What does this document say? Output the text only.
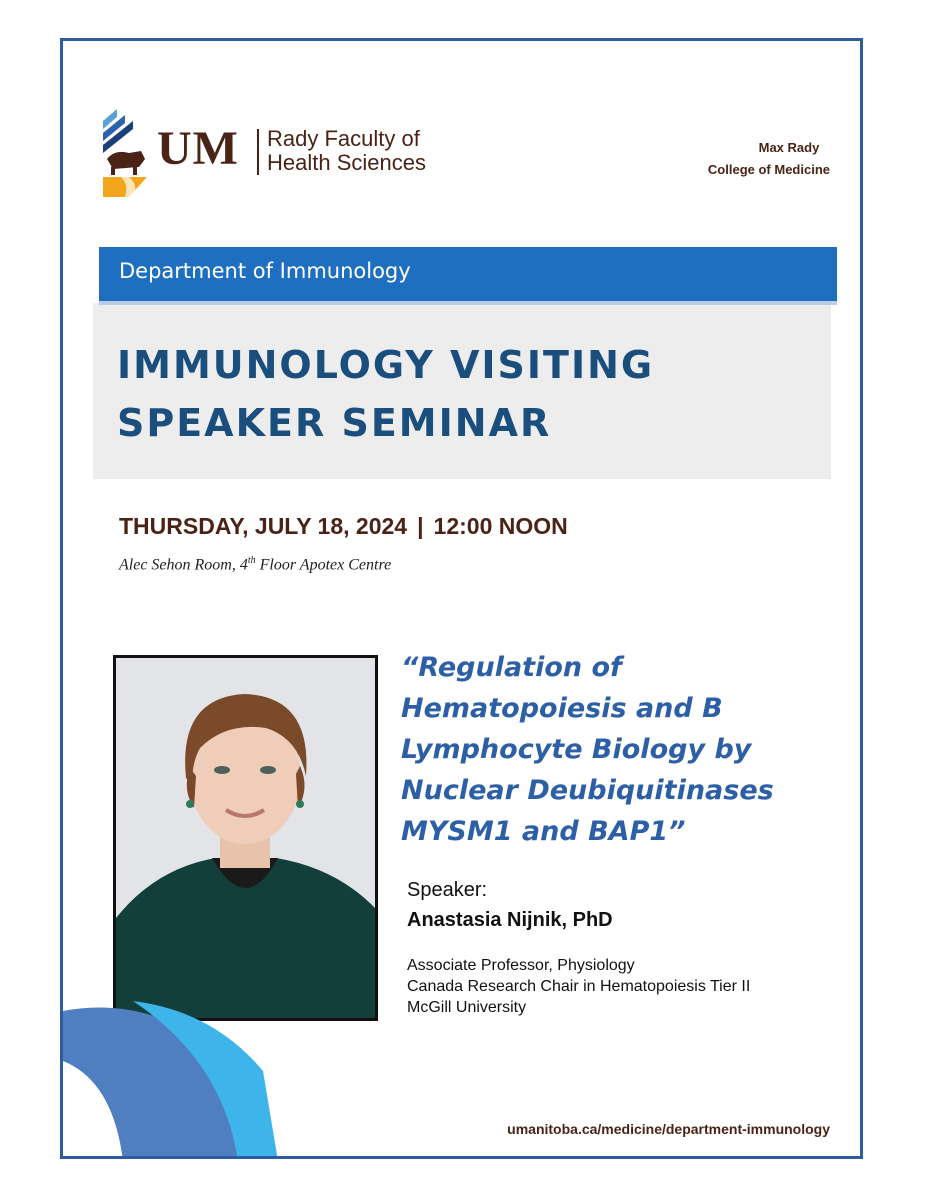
UM Rady Faculty of
Health Sciences
Max Rady
College of Medicine
IMMUNOLOGY VISITING
SPEAKER SEMINAR
Department of Immunology
THURSDAY, JULY 18, 2024 | 12:00 NOON
Alec Sehon Room, 4th Floor Apotex Centre
“Regulation of
Hematopoiesis and B
Lymphocyte Biology by
Nuclear Deubiquitinases
MYSM1 and BAP1”
Speaker:
Anastasia Nijnik, PhD
Associate Professor, Physiology
Canada Research Chair in Hematopoiesis Tier II
McGill University
umanitoba.ca/medicine/department-immunology
